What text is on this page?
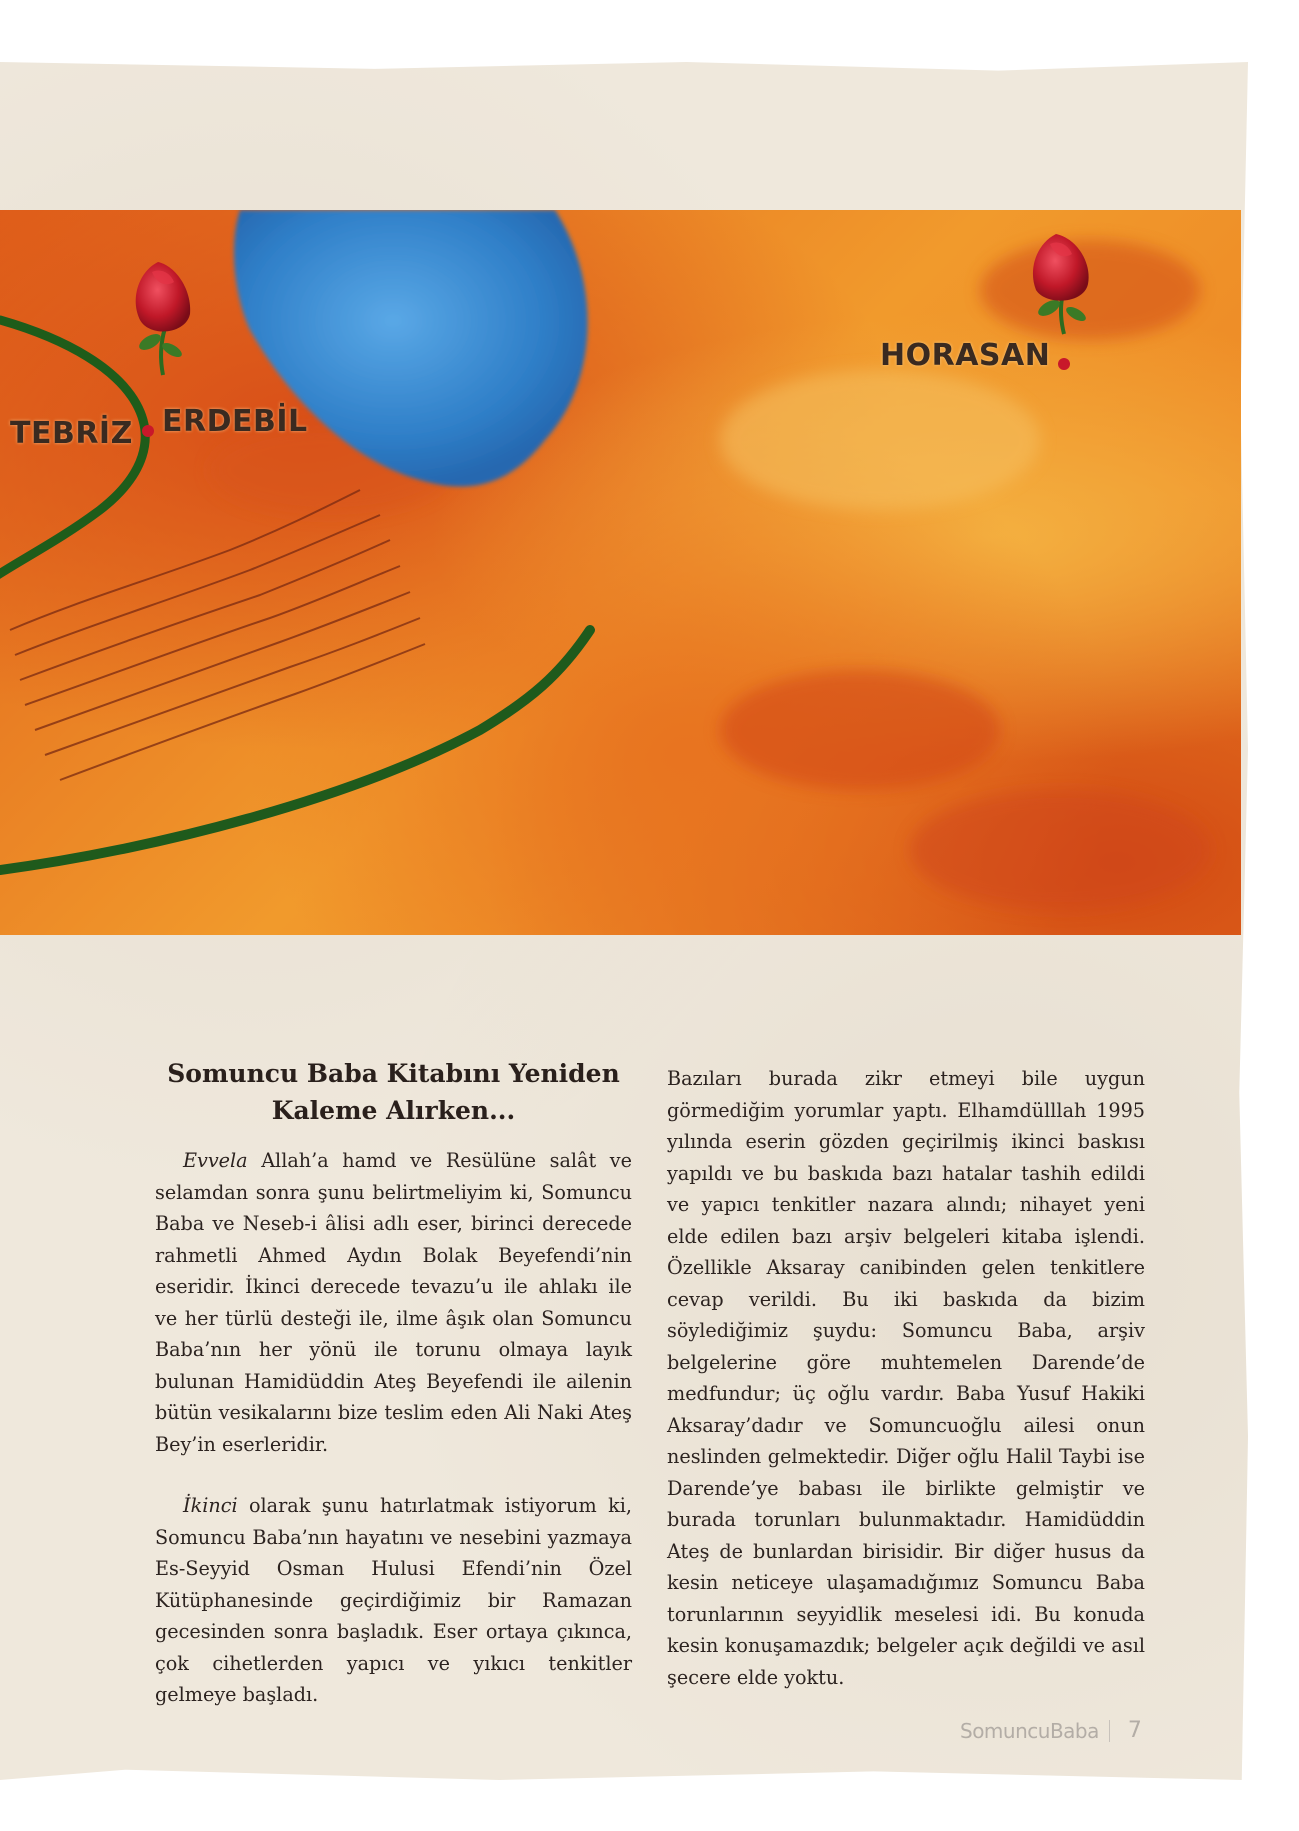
TEBRİZ ERDEBİL
HORASAN
Somuncu Baba Kitabını Yeniden Kaleme Alırken...

Evvela Allah’a hamd ve Resülüne salât ve selamdan sonra şunu belirtmeliyim ki, Somuncu Baba ve Neseb-i âlisi adlı eser, birinci derecede rahmetli Ahmed Aydın Bolak Beyefendi’nin eseridir. İkinci derecede tevazu’u ile ahlakı ile ve her türlü desteği ile, ilme âşık olan Somuncu Baba’nın her yönü ile torunu olmaya layık bulunan Hamidüddin Ateş Beyefendi ile ailenin bütün vesikalarını bize teslim eden Ali Naki Ateş Bey’in eserleridir.

İkinci olarak şunu hatırlatmak istiyorum ki, Somuncu Baba’nın hayatını ve nesebini yazmaya Es-Seyyid Osman Hulusi Efendi’nin Özel Kütüphanesinde geçirdiğimiz bir Ramazan gecesinden sonra başladık. Eser ortaya çıkınca, çok cihetlerden yapıcı ve yıkıcı tenkitler gelmeye başladı.

Bazıları burada zikr etmeyi bile uygun görmediğim yorumlar yaptı. Elhamdülllah 1995 yılında eserin gözden geçirilmiş ikinci baskısı yapıldı ve bu baskıda bazı hatalar tashih edildi ve yapıcı tenkitler nazara alındı; nihayet yeni elde edilen bazı arşiv belgeleri kitaba işlendi. Özellikle Aksaray canibinden gelen tenkitlere cevap verildi. Bu iki baskıda da bizim söylediğimiz şuydu: Somuncu Baba, arşiv belgelerine göre muhtemelen Darende’de medfundur; üç oğlu vardır. Baba Yusuf Hakiki Aksaray’dadır ve Somuncuoğlu ailesi onun neslinden gelmektedir. Diğer oğlu Halil Taybi ise Darende’ye babası ile birlikte gelmiştir ve burada torunları bulunmaktadır. Hamidüddin Ateş de bunlardan birisidir. Bir diğer husus da kesin neticeye ulaşamadığımız Somuncu Baba torunlarının seyyidlik meselesi idi. Bu konuda kesin konuşamazdık; belgeler açık değildi ve asıl şecere elde yoktu.

Somuncu Baba 7
